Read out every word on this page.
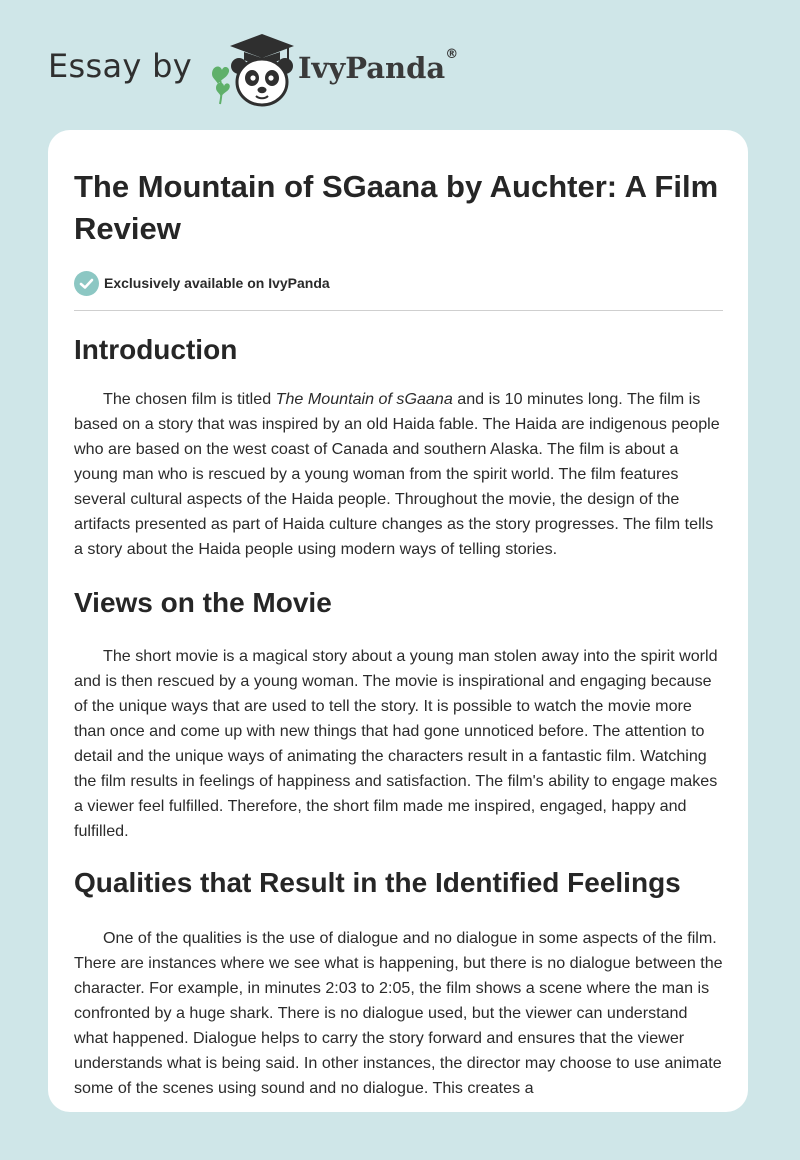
Essay by	IvyPanda®
The Mountain of SGaana by Auchter: A Film Review
Exclusively available on IvyPanda
Introduction

The chosen film is titled The Mountain of sGaana and is 10 minutes long. The film is based on a story that was inspired by an old Haida fable. The Haida are indigenous people who are based on the west coast of Canada and southern Alaska. The film is about a young man who is rescued by a young woman from the spirit world. The film features several cultural aspects of the Haida people. Throughout the movie, the design of the artifacts presented as part of Haida culture changes as the story progresses. The film tells a story about the Haida people using modern ways of telling stories.

Views on the Movie

The short movie is a magical story about a young man stolen away into the spirit world and is then rescued by a young woman. The movie is inspirational and engaging because of the unique ways that are used to tell the story. It is possible to watch the movie more than once and come up with new things that had gone unnoticed before. The attention to detail and the unique ways of animating the characters result in a fantastic film. Watching the film results in feelings of happiness and satisfaction. The film's ability to engage makes a viewer feel fulfilled. Therefore, the short film made me inspired, engaged, happy and fulfilled.

Qualities that Result in the Identified Feelings

One of the qualities is the use of dialogue and no dialogue in some aspects of the film. There are instances where we see what is happening, but there is no dialogue between the character. For example, in minutes 2:03 to 2:05, the film shows a scene where the man is confronted by a huge shark. There is no dialogue used, but the viewer can understand what happened. Dialogue helps to carry the story forward and ensures that the viewer understands what is being said. In other instances, the director may choose to use animate some of the scenes using sound and no dialogue. This creates a
